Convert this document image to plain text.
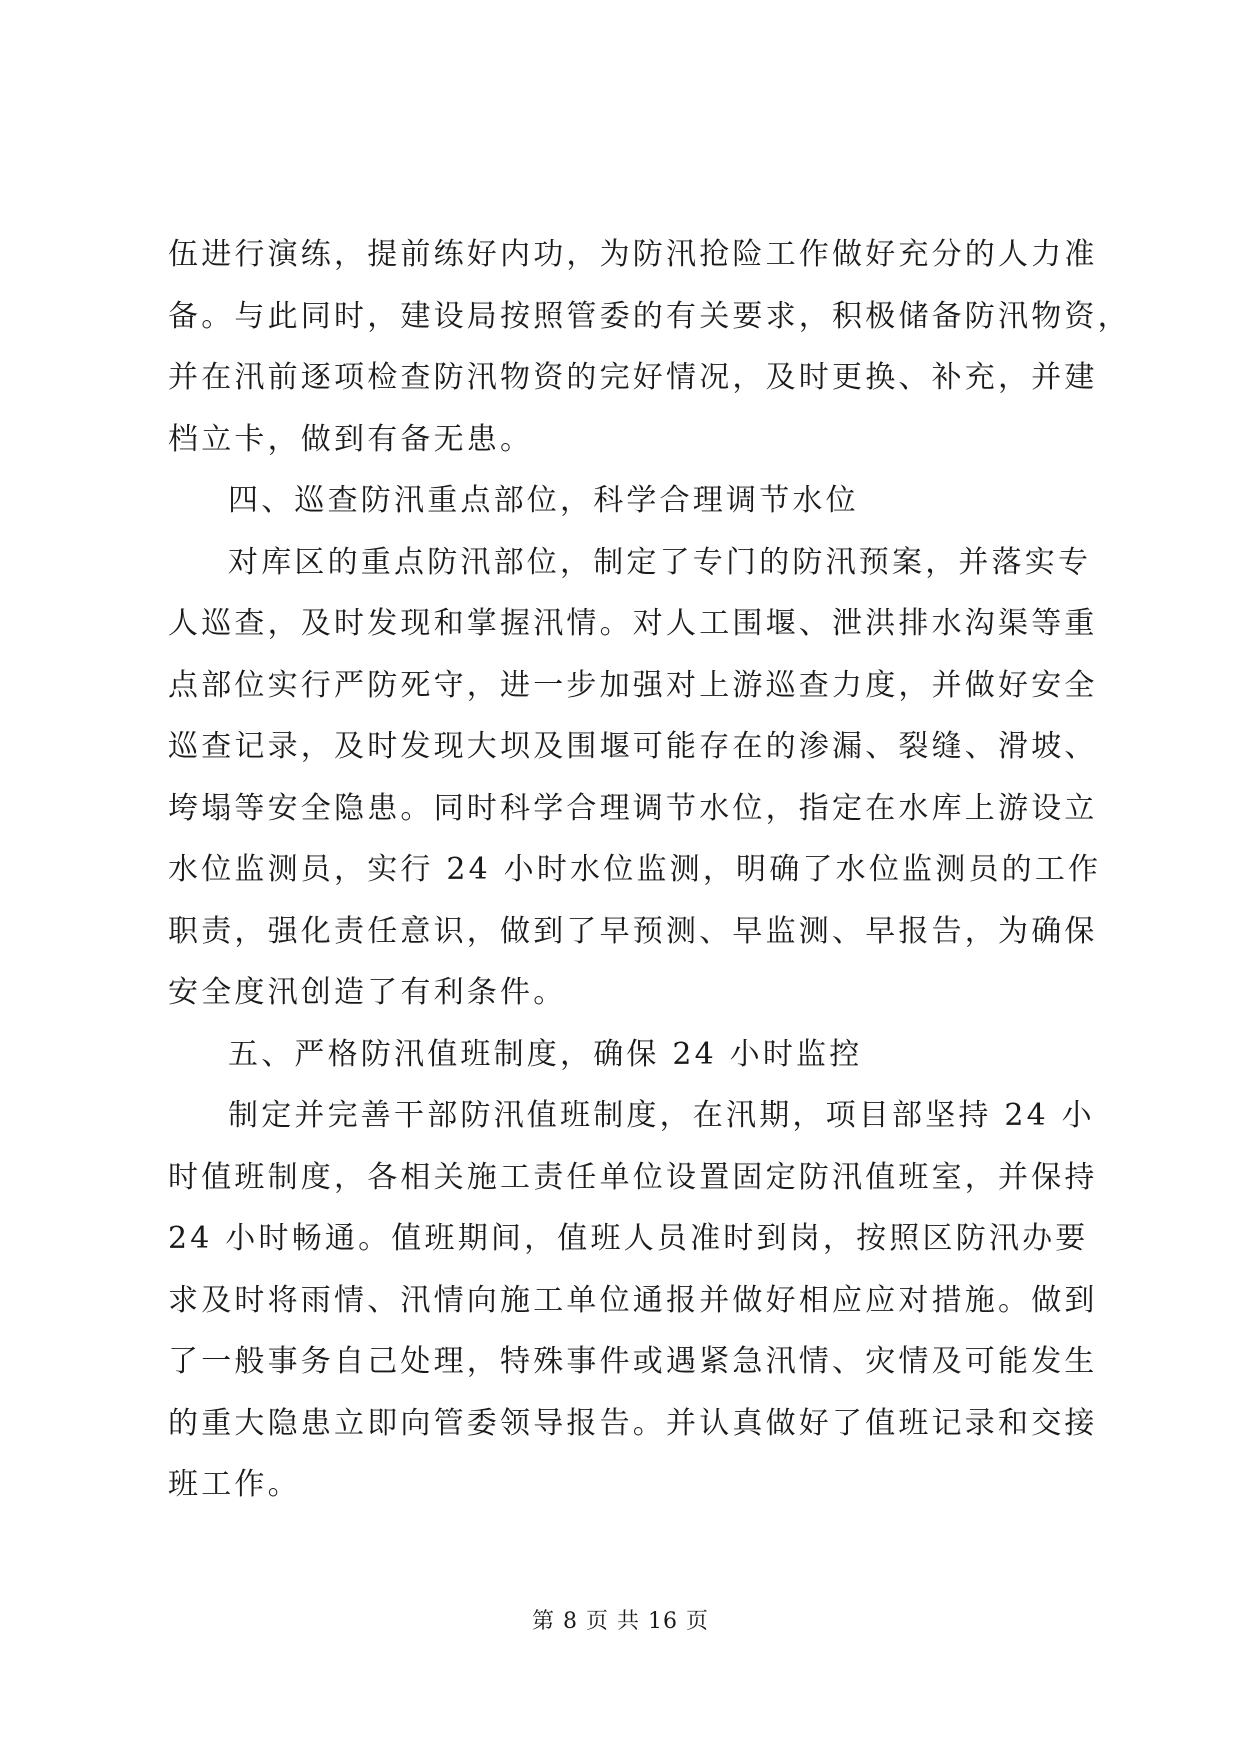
伍进行演练，提前练好内功，为防汛抢险工作做好充分的人力准
备。与此同时，建设局按照管委的有关要求，积极储备防汛物资，
并在汛前逐项检查防汛物资的完好情况，及时更换、补充，并建
档立卡，做到有备无患。

四、巡查防汛重点部位，科学合理调节水位

对库区的重点防汛部位，制定了专门的防汛预案，并落实专
人巡查，及时发现和掌握汛情。对人工围堰、泄洪排水沟渠等重
点部位实行严防死守，进一步加强对上游巡查力度，并做好安全
巡查记录，及时发现大坝及围堰可能存在的渗漏、裂缝、滑坡、
垮塌等安全隐患。同时科学合理调节水位，指定在水库上游设立
水位监测员，实行 24 小时水位监测，明确了水位监测员的工作
职责，强化责任意识，做到了早预测、早监测、早报告，为确保
安全度汛创造了有利条件。

五、严格防汛值班制度，确保 24 小时监控

制定并完善干部防汛值班制度，在汛期，项目部坚持 24 小
时值班制度，各相关施工责任单位设置固定防汛值班室，并保持
24 小时畅通。值班期间，值班人员准时到岗，按照区防汛办要
求及时将雨情、汛情向施工单位通报并做好相应应对措施。做到
了一般事务自己处理，特殊事件或遇紧急汛情、灾情及可能发生
的重大隐患立即向管委领导报告。并认真做好了值班记录和交接
班工作。

第 8 页 共 16 页
